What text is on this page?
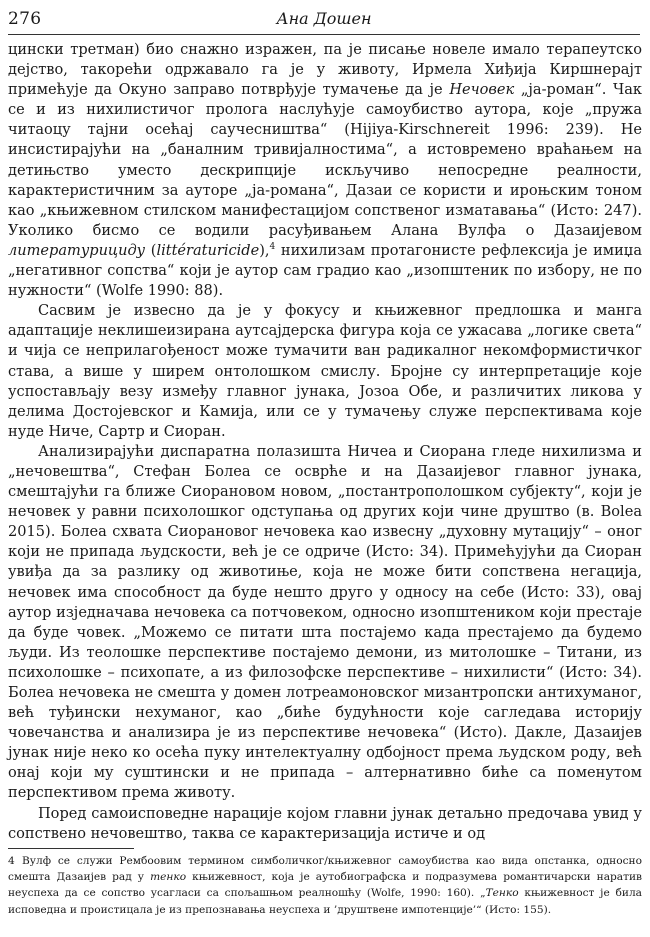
276	Ана Дошен

цински третман) био снажно изражен, па је писање новеле имало терапеутско дејство, такорећи одржавало га је у животу, Ирмела Хиђија Киршнерајт примећује да Окуно заправо потврђује тумачење да је Нечовек „ја-роман“. Чак се и из нихилистичог пролога наслућује самоубиство аутора, које „пружа читаоцу тајни осећај саучесништва“ (Hijiya-Kirschnereit 1996: 239). Не инсистирајући на „баналним тривијалностима“, а истовремено враћањем на детињство уместо дескрипције искључиво непосредне реалности, карактеристичним за ауторе „ја-романа“, Дазаи се користи и ироњским тоном као „књижевном стилском манифестацијом сопственог изматавања“ (Исто: 247). Уколико бисмо се водили расуђивањем Алана Вулфа о Дазаијевом литературициду (littératuricide),$^4$ нихилизам протагонисте рефлексија је имиџа „негативног сопства“ који је аутор сам градио као „изопштеник по избору, не по нужности“ (Wolfe 1990: 88).

Сасвим је извесно да је у фокусу и књижевног предлошка и манга адаптације неклишеизирана аутсајдерска фигура која се ужасава „логике света“ и чија се неприлагођеност може тумачити ван радикалног некомформистичког става, а више у ширем онтолошком смислу. Бројне су интерпретације које успостављају везу између главног јунака, Јозоа Обе, и различитих ликова у делима Достојевског и Камија, или се у тумачењу служе перспективама које нуде Ниче, Сартр и Сиоран.

Анализирајући диспаратна полазишта Ничеа и Сиорана гледе нихилизма и „нечовештва“, Стефан Болеа се осврће и на Дазаијевог главног јунака, смештајући га ближе Сиорановом новом, „постантрополошком субјекту“, који је нечовек у равни психолошког одступања од других који чине друштво (в. Bolea 2015). Болеа схвата Сиорановог нечовека као извесну „духовну мутацију“ – оног који не припада људскости, већ је се одриче (Исто: 34). Примећујући да Сиоран увиђа да за разлику од животиње, која не може бити сопствена негација, нечовек има способност да буде нешто друго у односу на себе (Исто: 33), овај аутор изједначава нечовека са потчовеком, односно изопштеником који престаје да буде човек. „Можемо се питати шта постајемо када престајемо да будемо људи. Из теолошке перспективе постајемо демони, из митолошке – Титани, из психолошке – психопате, а из филозофске перспективе – нихилисти“ (Исто: 34). Болеа нечовека не смешта у домен лотреамоновског мизантропски антихуманог, већ туђински нехуманог, као „биће будућности које сагледава историју човечанства и анализира је из перспективе нечовека“ (Исто). Дакле, Дазаијев јунак није неко ко осећа пуку интелектуалну одбојност према људском роду, већ онај који му суштински и не припада – алтернативно биће са поменутом перспективом према животу.

Поред самоисповедне нарације којом главни јунак детаљно предочава увид у сопствено нечовештво, таква се карактеризација истиче и од

4 Вулф се служи Рембоовим термином симболичког/књижевног самоубиства као вида опстанка, односно смешта Дазаијев рад у тенко књижевност, која је аутобиографска и подразумева романтичарски наратив неуспеха да се сопство усагласи са спољашњом реалношћу (Wolfe, 1990: 160). „Тенко књижевност је била исповедна и проистицала је из препознавања неуспеха и ’друштвене импотенције’“ (Исто: 155).
